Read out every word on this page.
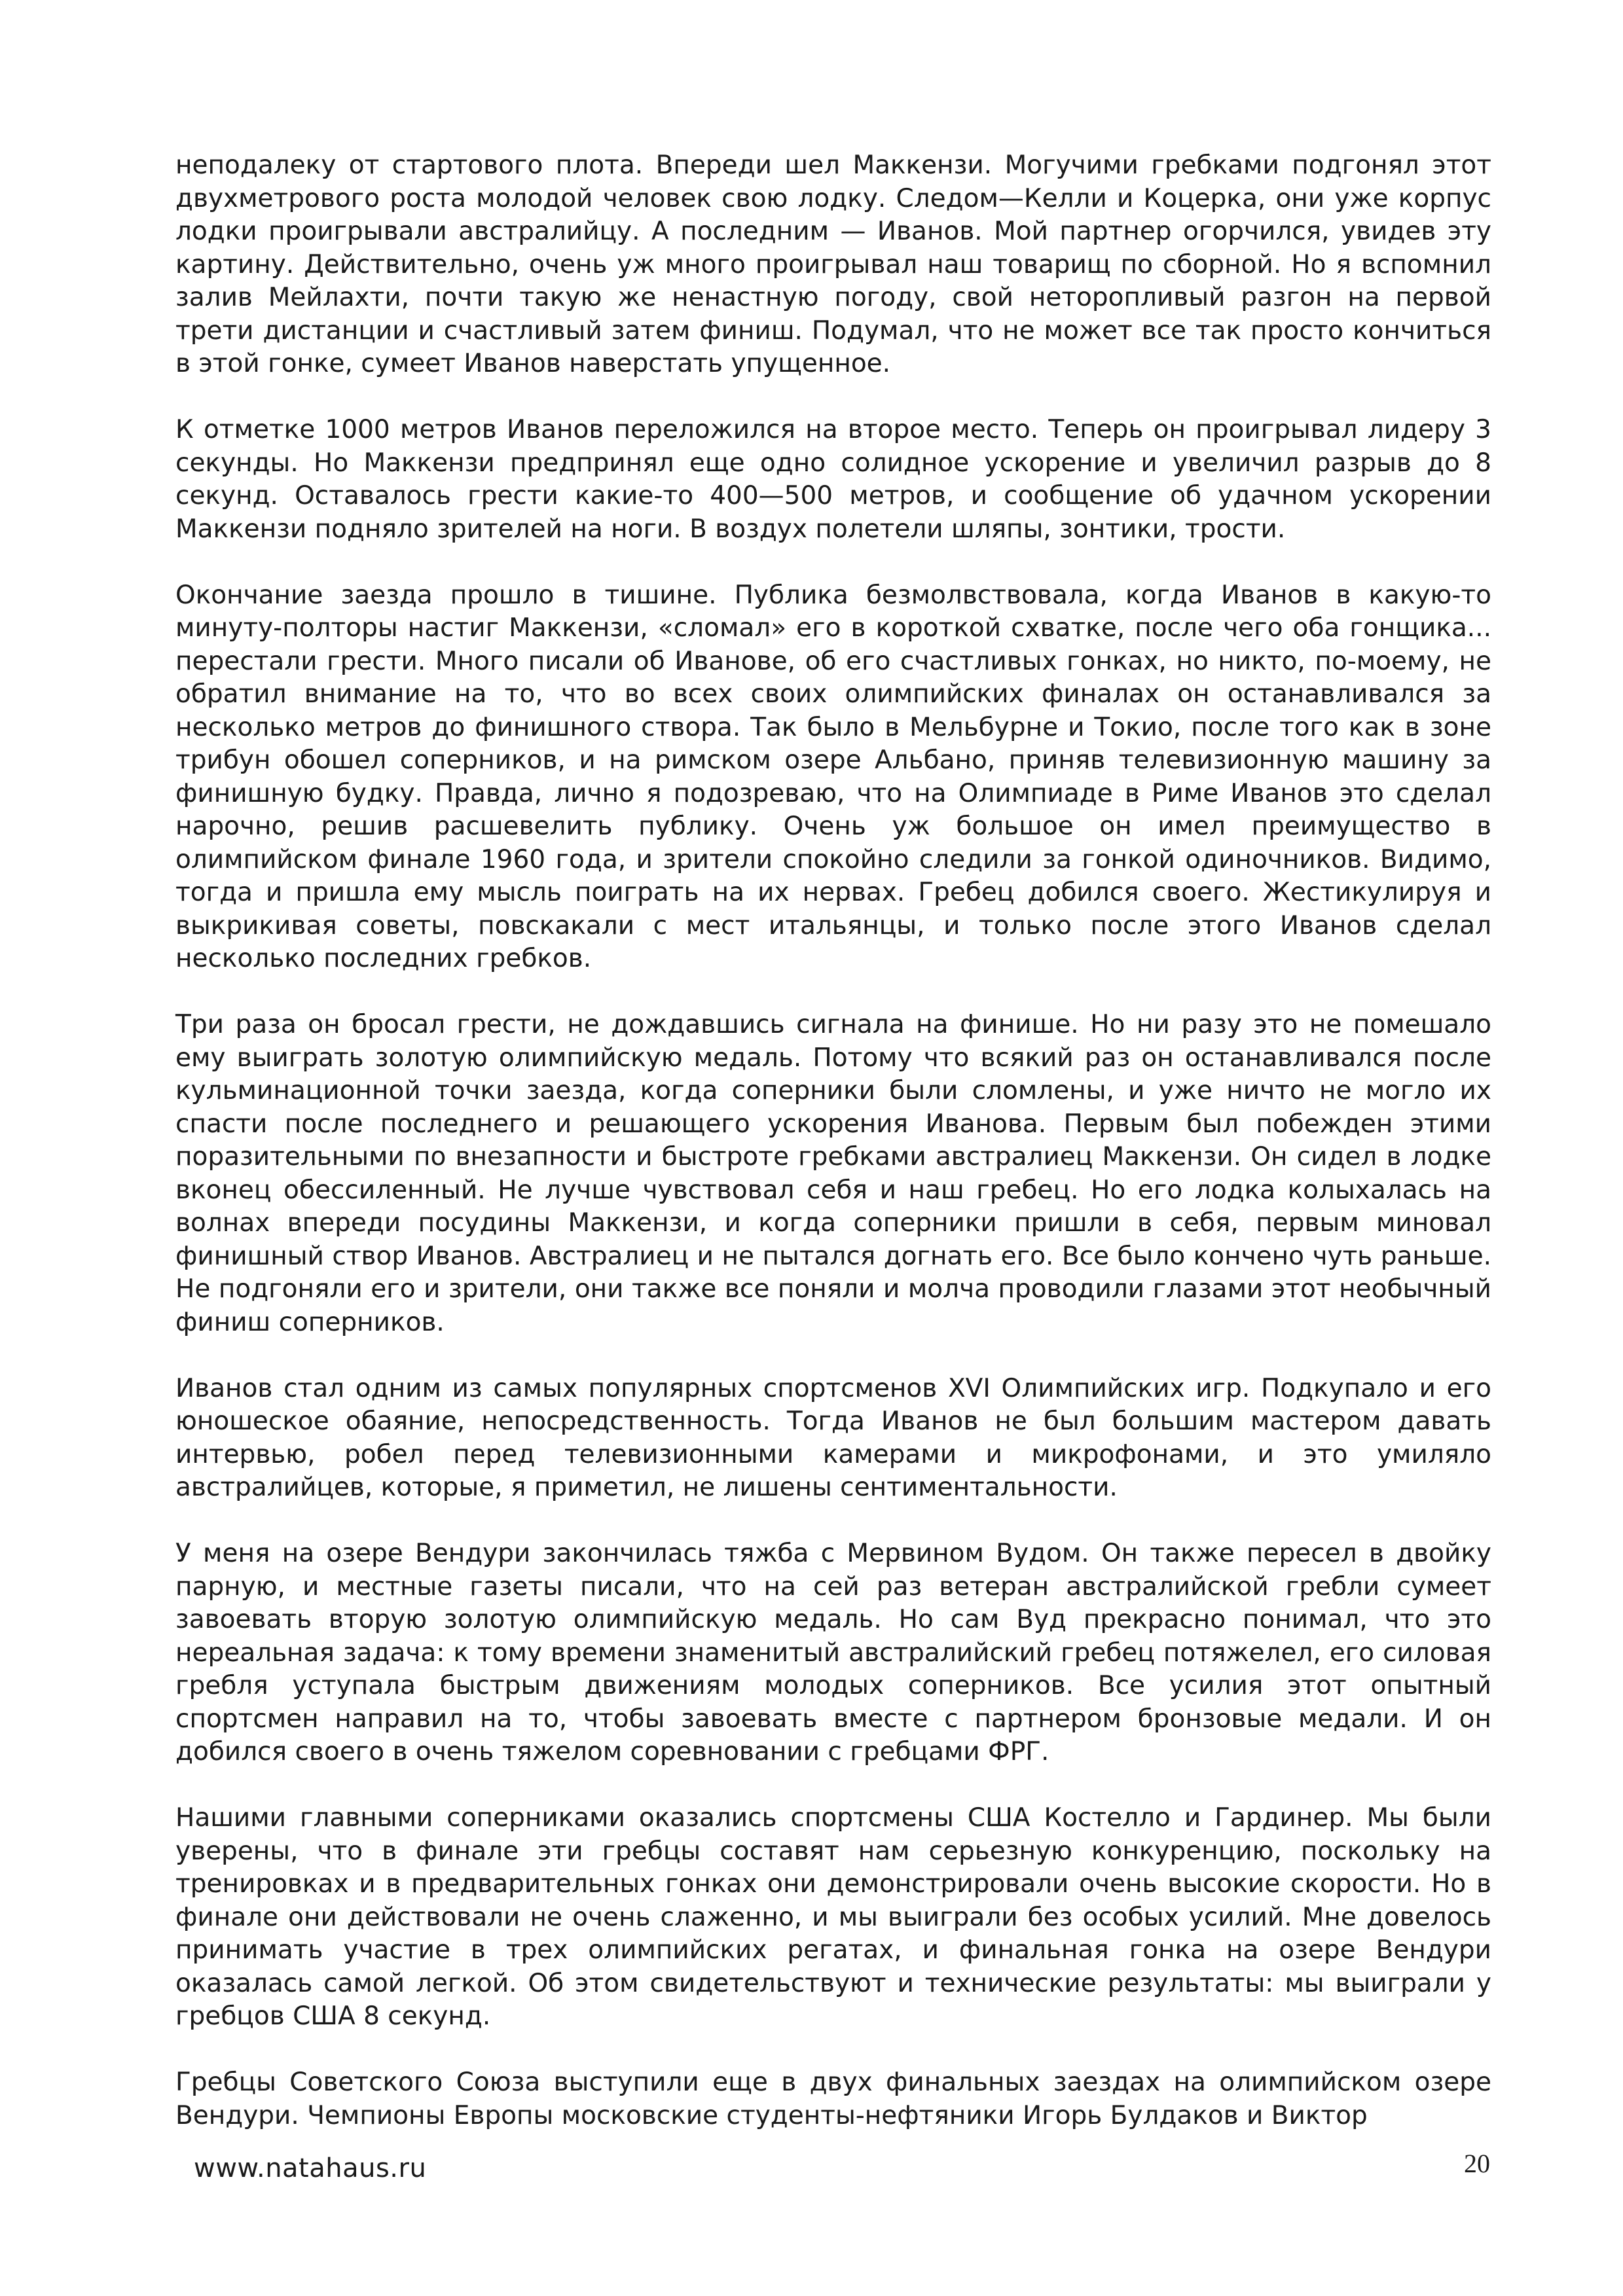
неподалеку от стартового плота. Впереди шел Маккензи. Могучими гребками подгонял этот двухметрового роста молодой человек свою лодку. Следом—Келли и Коцерка, они уже корпус лодки проигрывали австралийцу. А последним — Иванов. Мой партнер огорчился, увидев эту картину. Действительно, очень уж много проигрывал наш товарищ по сборной. Но я вспомнил залив Мейлахти, почти такую же ненастную погоду, свой неторопливый разгон на первой трети дистанции и счастливый затем финиш. Подумал, что не может все так просто кончиться в этой гонке, сумеет Иванов наверстать упущенное.

К отметке 1000 метров Иванов переложился на второе место. Теперь он проигрывал лидеру 3 секунды. Но Маккензи предпринял еще одно солидное ускорение и увеличил разрыв до 8 секунд. Оставалось грести какие-то 400—500 метров, и сообщение об удачном ускорении Маккензи подняло зрителей на ноги. В воздух полетели шляпы, зонтики, трости.

Окончание заезда прошло в тишине. Публика безмолвствовала, когда Иванов в какую-то минуту-полторы настиг Маккензи, «сломал» его в короткой схватке, после чего оба гонщика... перестали грести. Много писали об Иванове, об его счастливых гонках, но никто, по-моему, не обратил внимание на то, что во всех своих олимпийских финалах он останавливался за несколько метров до финишного створа. Так было в Мельбурне и Токио, после того как в зоне трибун обошел соперников, и на римском озере Альбано, приняв телевизионную машину за финишную будку. Правда, лично я подозреваю, что на Олимпиаде в Риме Иванов это сделал нарочно, решив расшевелить публику. Очень уж большое он имел преимущество в олимпийском финале 1960 года, и зрители спокойно следили за гонкой одиночников. Видимо, тогда и пришла ему мысль поиграть на их нервах. Гребец добился своего. Жестикулируя и выкрикивая советы, повскакали с мест итальянцы, и только после этого Иванов сделал несколько последних гребков.

Три раза он бросал грести, не дождавшись сигнала на финише. Но ни разу это не помешало ему выиграть золотую олимпийскую медаль. Потому что всякий раз он останавливался после кульминационной точки заезда, когда соперники были сломлены, и уже ничто не могло их спасти после последнего и решающего ускорения Иванова. Первым был побежден этими поразительными по внезапности и быстроте гребками австралиец Маккензи. Он сидел в лодке вконец обессиленный. Не лучше чувствовал себя и наш гребец. Но его лодка колыхалась на волнах впереди посудины Маккензи, и когда соперники пришли в себя, первым миновал финишный створ Иванов. Австралиец и не пытался догнать его. Все было кончено чуть раньше. Не подгоняли его и зрители, они также все поняли и молча проводили глазами этот необычный финиш соперников.

Иванов стал одним из самых популярных спортсменов XVI Олимпийских игр. Подкупало и его юношеское обаяние, непосредственность. Тогда Иванов не был большим мастером давать интервью, робел перед телевизионными камерами и микрофонами, и это умиляло австралийцев, которые, я приметил, не лишены сентиментальности.

У меня на озере Вендури закончилась тяжба с Мервином Вудом. Он также пересел в двойку парную, и местные газеты писали, что на сей раз ветеран австралийской гребли сумеет завоевать вторую золотую олимпийскую медаль. Но сам Вуд прекрасно понимал, что это нереальная задача: к тому времени знаменитый австралийский гребец потяжелел, его силовая гребля уступала быстрым движениям молодых соперников. Все усилия этот опытный спортсмен направил на то, чтобы завоевать вместе с партнером бронзовые медали. И он добился своего в очень тяжелом соревновании с гребцами ФРГ.

Нашими главными соперниками оказались спортсмены США Костелло и Гардинер. Мы были уверены, что в финале эти гребцы составят нам серьезную конкуренцию, поскольку на тренировках и в предварительных гонках они демонстрировали очень высокие скорости. Но в финале они действовали не очень слаженно, и мы выиграли без особых усилий. Мне довелось принимать участие в трех олимпийских регатах, и финальная гонка на озере Вендури оказалась самой легкой. Об этом свидетельствуют и технические результаты: мы выиграли у гребцов США 8 секунд.

Гребцы Советского Союза выступили еще в двух финальных заездах на олимпийском озере Вендури. Чемпионы Европы московские студенты-нефтяники Игорь Булдаков и Виктор

www.natahaus.ru	20
